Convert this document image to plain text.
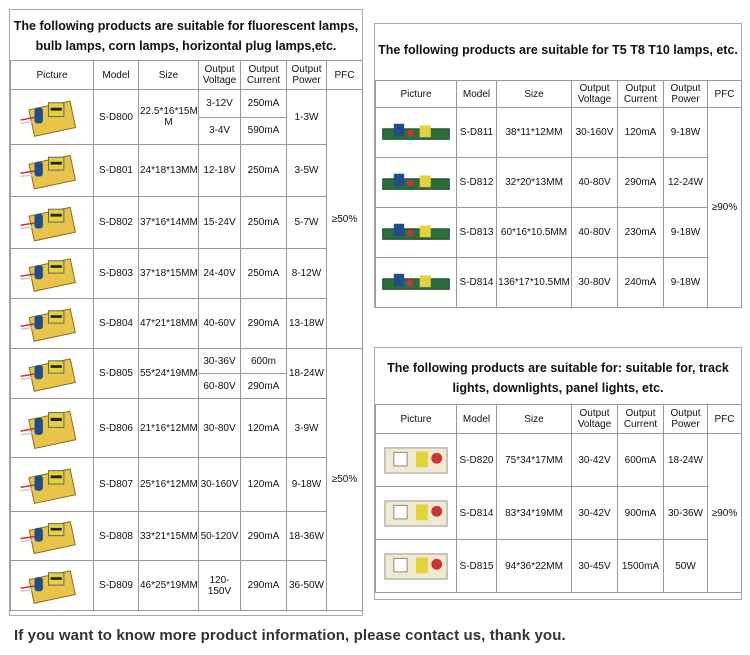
The following products are suitable for fluorescent lamps,
bulb lamps, corn lamps, horizontal plug lamps,etc.
Picture	Model	Size	Output Voltage	Output Current	Output Power	PFC

	S-D800	22.5*16*15M M	3-12V	250mA	1-3W	≥50%
			3-4V	590mA		

	S-D801	24*18*13MM	12-18V	250mA	3-5W	

	S-D802	37*16*14MM	15-24V	250mA	5-7W	

	S-D803	37*18*15MM	24-40V	250mA	8-12W	

	S-D804	47*21*18MM	40-60V	290mA	13-18W	

	S-D805	55*24*19MM	30-36V	600m	18-24W	≥50%
			60-80V	290mA		

	S-D806	21*16*12MM	30-80V	120mA	3-9W	

	S-D807	25*16*12MM	30-160V	120mA	9-18W	

	S-D808	33*21*15MM	50-120V	290mA	18-36W	

	S-D809	46*25*19MM	120-150V	290mA	36-50W	
The following products are suitable for T5 T8 T10 lamps, etc.
Picture	Model	Size	Output Voltage	Output Current	Output Power	PFC

	S-D811	38*11*12MM	30-160V	120mA	9-18W	≥90%

	S-D812	32*20*13MM	40-80V	290mA	12-24W	

	S-D813	60*16*10.5MM	40-80V	230mA	9-18W	

	S-D814	136*17*10.5MM	30-80V	240mA	9-18W	
The following products are suitable for: suitable for, track
lights, downlights, panel lights, etc.
Picture	Model	Size	Output Voltage	Output Current	Output Power	PFC

	S-D820	75*34*17MM	30-42V	600mA	18-24W	≥90%

	S-D814	83*34*19MM	30-42V	900mA	30-36W	

	S-D815	94*36*22MM	30-45V	1500mA	50W	
If you want to know more product information, please contact us, thank you.
